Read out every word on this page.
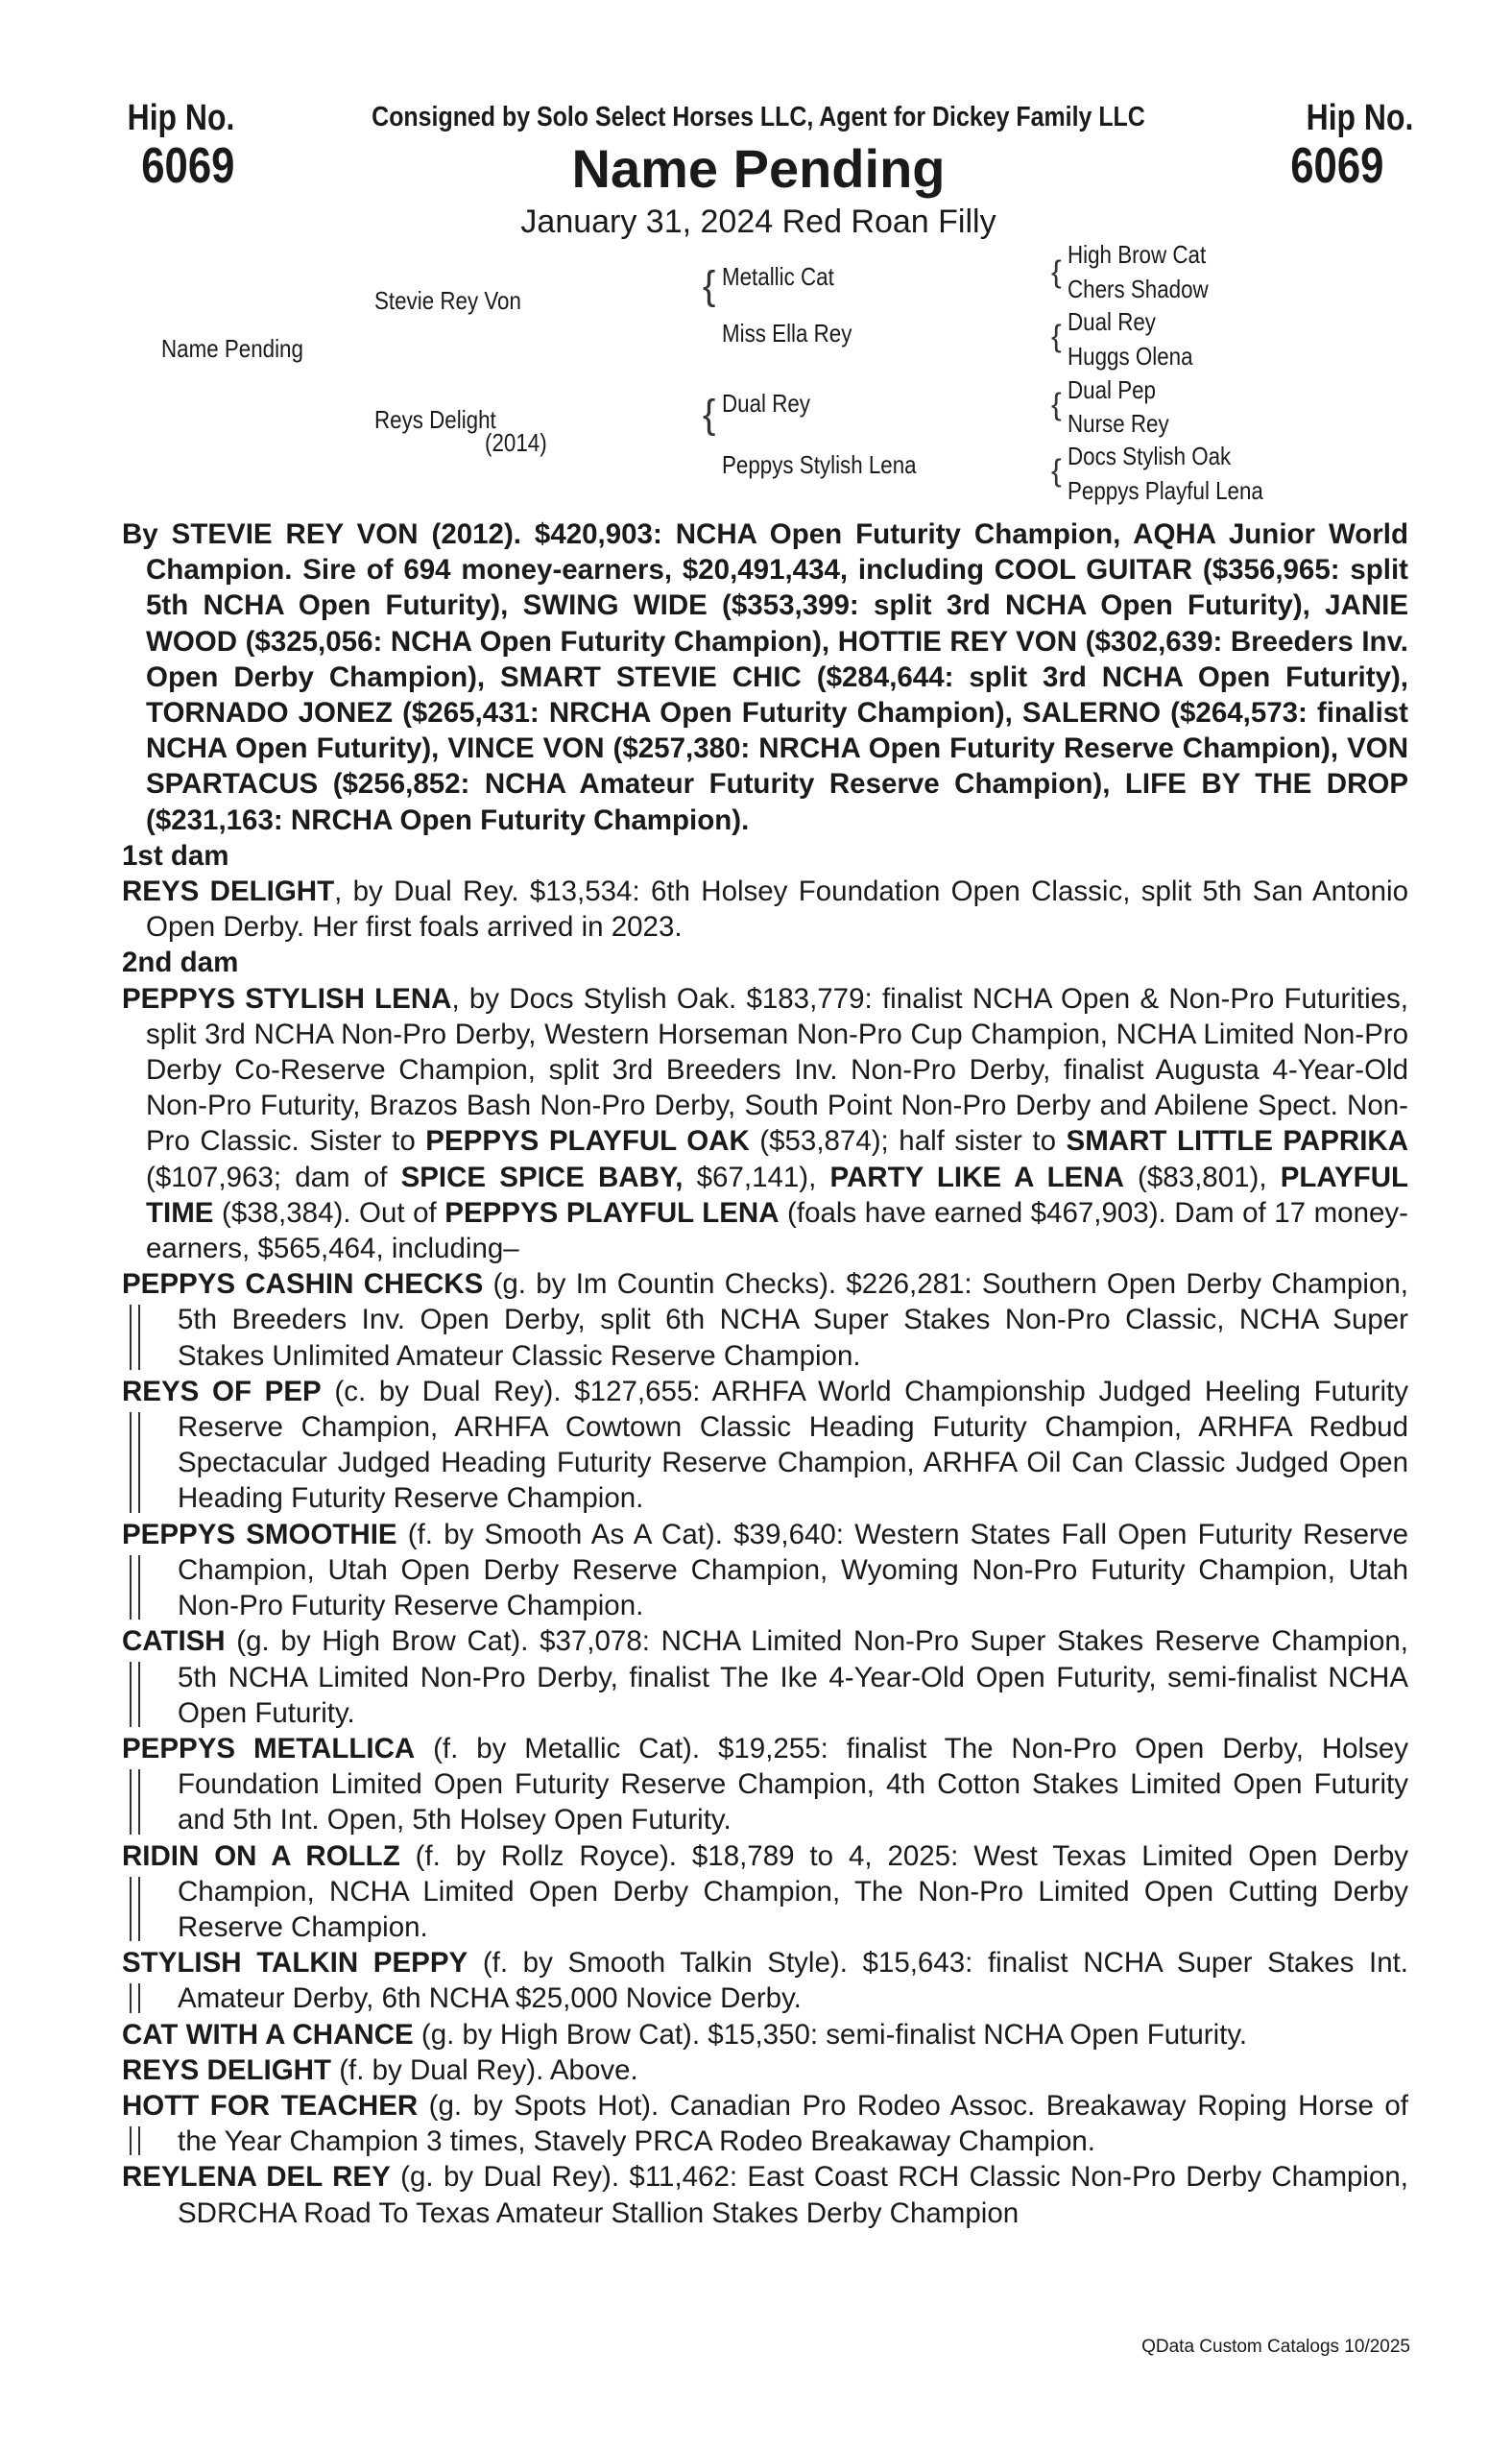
Hip No.
6069
Hip No.
6069
Consigned by Solo Select Horses LLC, Agent for Dickey Family LLC
Name Pending
January 31, 2024 Red Roan Filly
Name Pending
Stevie Rey Von
Reys Delight
(2014)
{ Metallic Cat
Miss Ella Rey
{ Dual Rey
Peppys Stylish Lena
{ High Brow Cat
Chers Shadow
{ Dual Rey
Huggs Olena
{ Dual Pep
Nurse Rey
{ Docs Stylish Oak
Peppys Playful Lena

By STEVIE REY VON (2012). $420,903: NCHA Open Futurity Champion, AQHA Junior World Champion. Sire of 694 money-earners, $20,491,434, including COOL GUITAR ($356,965: split 5th NCHA Open Futurity), SWING WIDE ($353,399: split 3rd NCHA Open Futurity), JANIE WOOD ($325,056: NCHA Open Futurity Champion), HOTTIE REY VON ($302,639: Breeders Inv. Open Derby Champion), SMART STEVIE CHIC ($284,644: split 3rd NCHA Open Futurity), TORNADO JONEZ ($265,431: NRCHA Open Futurity Champion), SALERNO ($264,573: finalist NCHA Open Futurity), VINCE VON ($257,380: NRCHA Open Futurity Reserve Champion), VON SPARTACUS ($256,852: NCHA Amateur Futurity Reserve Champion), LIFE BY THE DROP ($231,163: NRCHA Open Futurity Champion).

1st dam

REYS DELIGHT, by Dual Rey. $13,534: 6th Holsey Foundation Open Classic, split 5th San Antonio Open Derby. Her first foals arrived in 2023.

2nd dam

PEPPYS STYLISH LENA, by Docs Stylish Oak. $183,779: finalist NCHA Open & Non-Pro Futurities, split 3rd NCHA Non-Pro Derby, Western Horseman Non-Pro Cup Champion, NCHA Limited Non-Pro Derby Co-Reserve Champion, split 3rd Breeders Inv. Non-Pro Derby, finalist Augusta 4-Year-Old Non-Pro Futurity, Brazos Bash Non-Pro Derby, South Point Non-Pro Derby and Abilene Spect. Non-Pro Classic. Sister to PEPPYS PLAYFUL OAK ($53,874); half sister to SMART LITTLE PAPRIKA ($107,963; dam of SPICE SPICE BABY, $67,141), PARTY LIKE A LENA ($83,801), PLAYFUL TIME ($38,384). Out of PEPPYS PLAYFUL LENA (foals have earned $467,903). Dam of 17 money-earners, $565,464, including–

PEPPYS CASHIN CHECKS (g. by Im Countin Checks). $226,281: Southern Open Derby Champion, 5th Breeders Inv. Open Derby, split 6th NCHA Super Stakes Non-Pro Classic, NCHA Super Stakes Unlimited Amateur Classic Reserve Champion.

REYS OF PEP (c. by Dual Rey). $127,655: ARHFA World Championship Judged Heeling Futurity Reserve Champion, ARHFA Cowtown Classic Heading Futurity Champion, ARHFA Redbud Spectacular Judged Heading Futurity Reserve Champion, ARHFA Oil Can Classic Judged Open Heading Futurity Reserve Champion.

PEPPYS SMOOTHIE (f. by Smooth As A Cat). $39,640: Western States Fall Open Futurity Reserve Champion, Utah Open Derby Reserve Champion, Wyoming Non-Pro Futurity Champion, Utah Non-Pro Futurity Reserve Champion.

CATISH (g. by High Brow Cat). $37,078: NCHA Limited Non-Pro Super Stakes Reserve Champion, 5th NCHA Limited Non-Pro Derby, finalist The Ike 4-Year-Old Open Futurity, semi-finalist NCHA Open Futurity.

PEPPYS METALLICA (f. by Metallic Cat). $19,255: finalist The Non-Pro Open Derby, Holsey Foundation Limited Open Futurity Reserve Champion, 4th Cotton Stakes Limited Open Futurity and 5th Int. Open, 5th Holsey Open Futurity.

RIDIN ON A ROLLZ (f. by Rollz Royce). $18,789 to 4, 2025: West Texas Limited Open Derby Champion, NCHA Limited Open Derby Champion, The Non-Pro Limited Open Cutting Derby Reserve Champion.

STYLISH TALKIN PEPPY (f. by Smooth Talkin Style). $15,643: finalist NCHA Super Stakes Int. Amateur Derby, 6th NCHA $25,000 Novice Derby.

CAT WITH A CHANCE (g. by High Brow Cat). $15,350: semi-finalist NCHA Open Futurity.

REYS DELIGHT (f. by Dual Rey). Above.

HOTT FOR TEACHER (g. by Spots Hot). Canadian Pro Rodeo Assoc. Breakaway Roping Horse of the Year Champion 3 times, Stavely PRCA Rodeo Breakaway Champion.

REYLENA DEL REY (g. by Dual Rey). $11,462: East Coast RCH Classic Non-Pro Derby Champion, SDRCHA Road To Texas Amateur Stallion Stakes Derby Champion

QData Custom Catalogs 10/2025
